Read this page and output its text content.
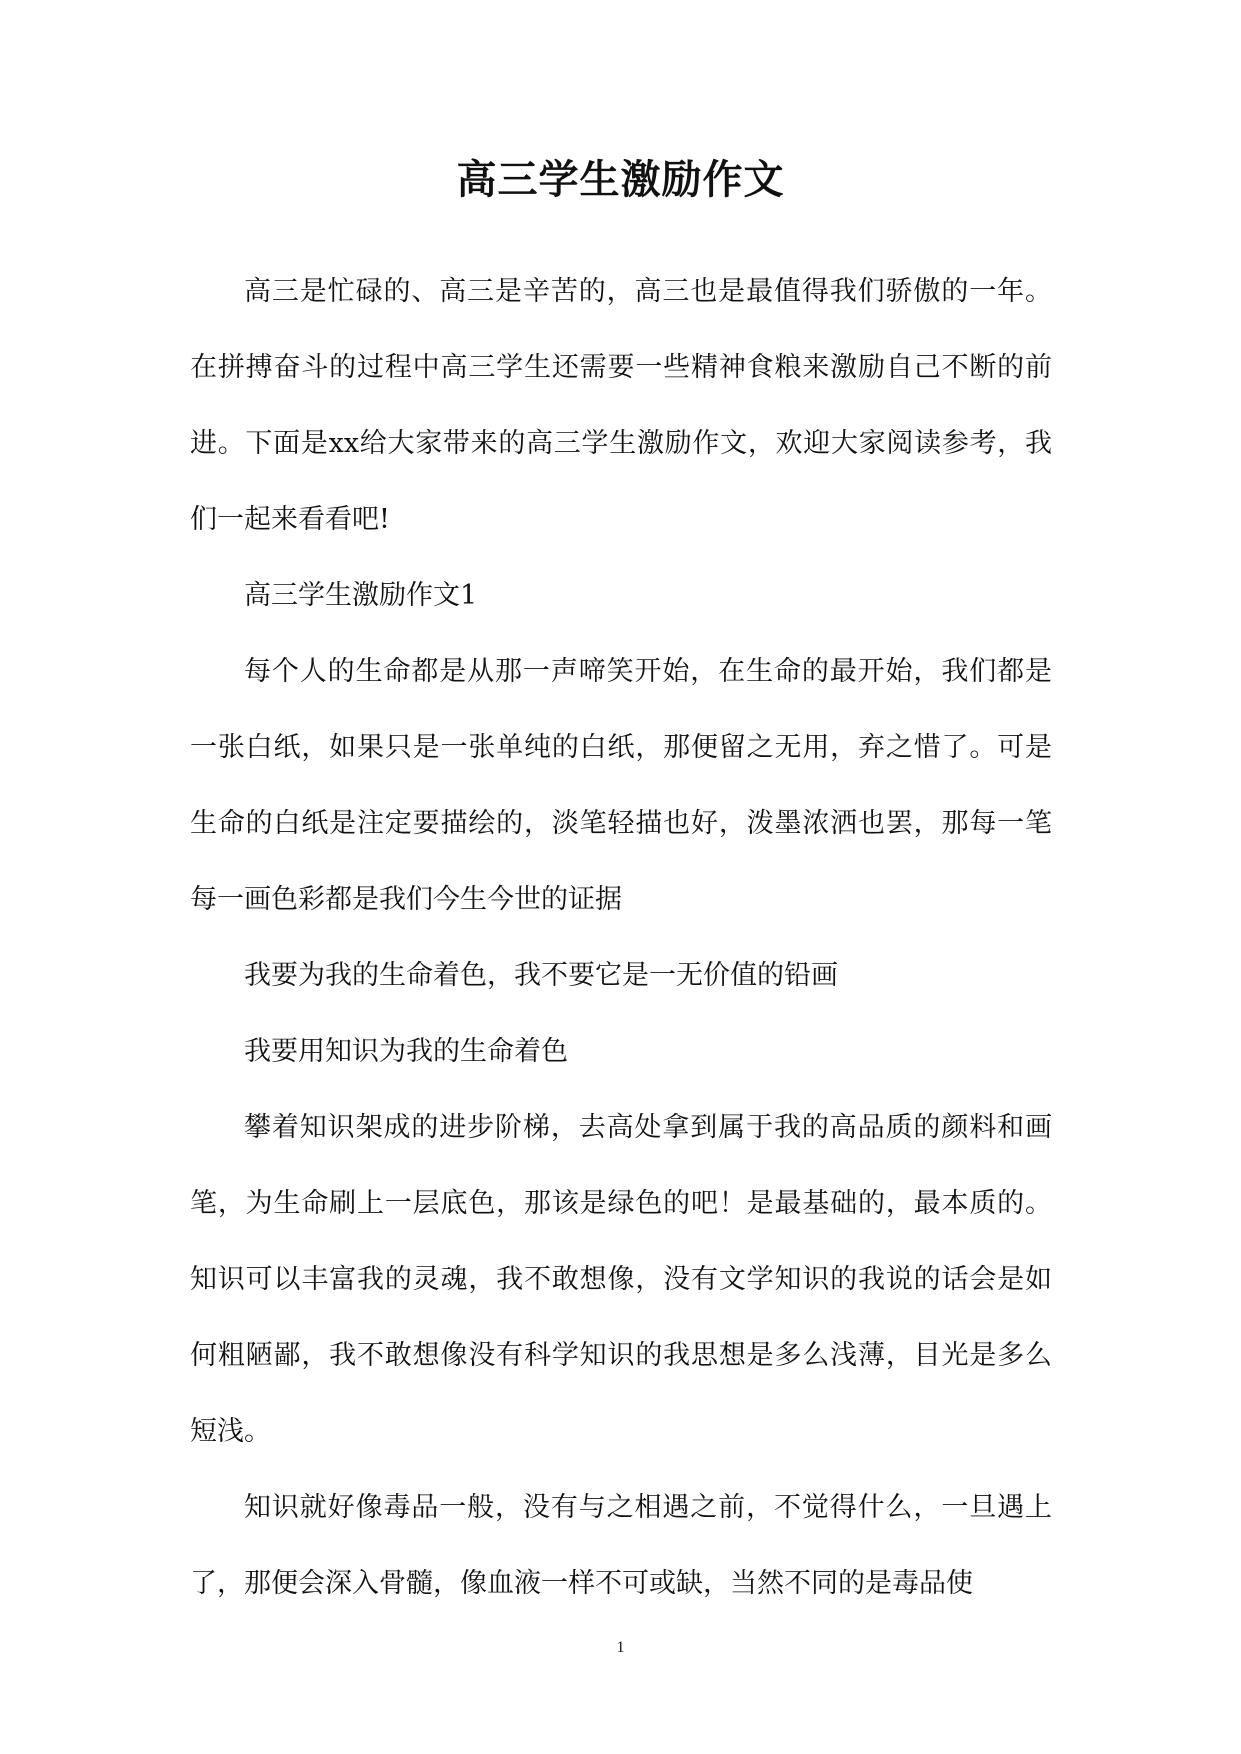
高三学生激励作文

高三是忙碌的、高三是辛苦的，高三也是最值得我们骄傲的一年。在拼搏奋斗的过程中高三学生还需要一些精神食粮来激励自己不断的前进。下面是xx给大家带来的高三学生激励作文，欢迎大家阅读参考，我们一起来看看吧!

高三学生激励作文1

每个人的生命都是从那一声啼笑开始，在生命的最开始，我们都是一张白纸，如果只是一张单纯的白纸，那便留之无用，弃之惜了。可是生命的白纸是注定要描绘的，淡笔轻描也好，泼墨浓洒也罢，那每一笔每一画色彩都是我们今生今世的证据

我要为我的生命着色，我不要它是一无价值的铅画

我要用知识为我的生命着色

攀着知识架成的进步阶梯，去高处拿到属于我的高品质的颜料和画笔，为生命刷上一层底色，那该是绿色的吧！是最基础的，最本质的。知识可以丰富我的灵魂，我不敢想像，没有文学知识的我说的话会是如何粗陋鄙，我不敢想像没有科学知识的我思想是多么浅薄，目光是多么短浅。

知识就好像毒品一般，没有与之相遇之前，不觉得什么，一旦遇上了，那便会深入骨髓，像血液一样不可或缺，当然不同的是毒品使

1
